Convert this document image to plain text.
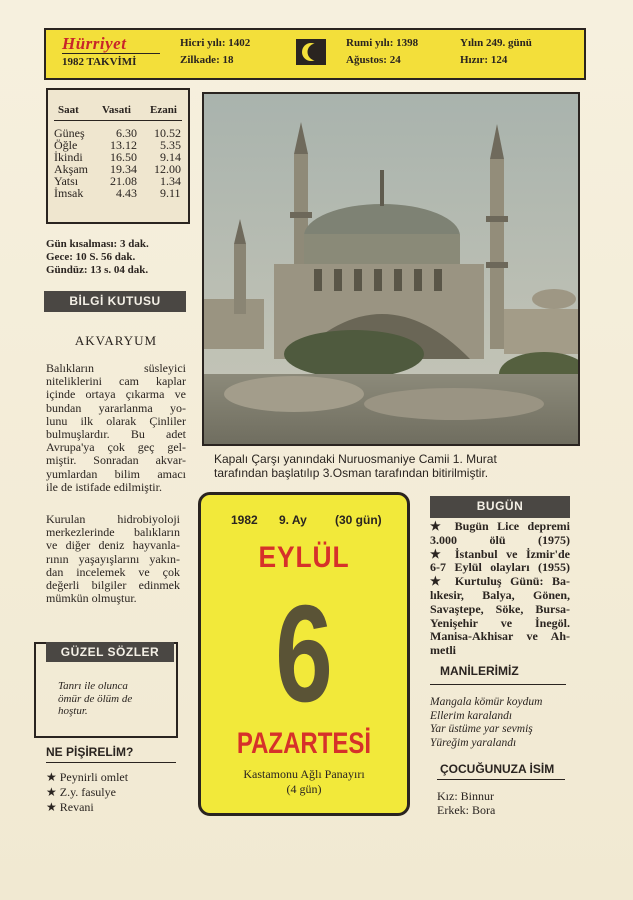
Hürriyet
1982 TAKVİMİ
Hicri yılı: 1402
Zilkade: 18
Rumi yılı: 1398
Ağustos: 24
Yılın 249. günü
Hızır: 124
Saat Vasati Ezani
Güneş	6.30 10.52
Öğle	13.12 5.35
İkindi 16.50 9.14
Akşam 19.34 12.00
Yatsı	21.08 1.34
İmsak	4.43 9.11
Gün kısalması: 3 dak.
Gece: 10 S. 56 dak.
Gündüz: 13 s. 04 dak.
BİLGİ KUTUSU
AKVARYUM
Balıkların süsleyici
niteliklerini cam kaplar
içinde ortaya çıkarma ve
bundan yararlanma yo-
lunu ilk olarak Çinliler
bulmuşlardır. Bu adet
Avrupa'ya çok geç gel-
miştir. Sonradan akvar-
yumlardan bilim amacı
ile de istifade edilmiştir.
Kurulan hidrobiyoloji
merkezlerinde balıkların
ve diğer deniz hayvanla-
rının yaşayışlarını yakın-
dan incelemek ve çok
değerli bilgiler edinmek
mümkün olmuştur.
GÜZEL SÖZLER
Tanrı ile olunca
ömür de ölüm de
hoştur.
NE PİŞİRELİM?
★ Peynirli omlet
★ Z.y. fasulye
★ Revani
Kapalı Çarşı yanındaki Nuruosmaniye Camii 1. Murat
tarafından başlatılıp 3.Osman tarafından bitirilmiştir.
1982 9. Ay (30 gün)
EYLÜL
6
PAZARTESİ
Kastamonu Ağlı Panayırı
(4 gün)
BUGÜN
★ Bugün Lice depremi
3.000 ölü (1975)
★ İstanbul ve İzmir'de
6-7 Eylül olayları (1955)
★ Kurtuluş Günü: Ba-
lıkesir, Balya, Gönen,
Savaştepe, Söke, Bursa-
Yenişehir ve İnegöl.
Manisa-Akhisar ve Ah-
metli
MANİLERİMİZ
Mangala kömür koydum
Ellerim karalandı
Yar üstüme yar sevmiş
Yüreğim yaralandı
ÇOCUĞUNUZA İSİM
Kız: Binnur
Erkek: Bora
